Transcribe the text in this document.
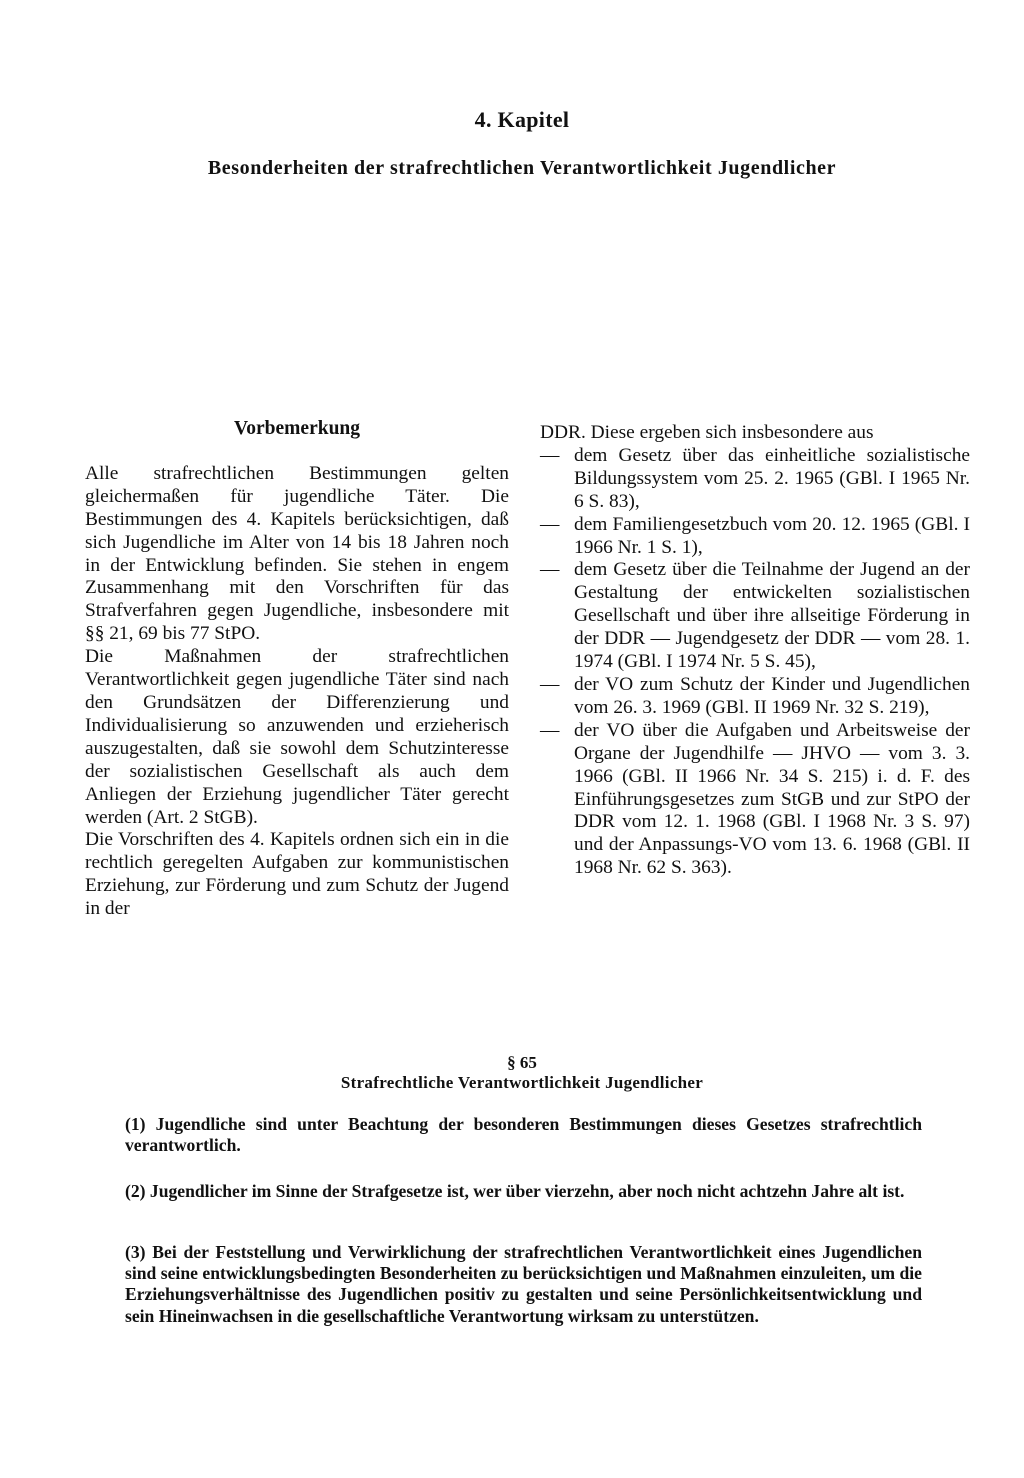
4. Kapitel
Besonderheiten der strafrechtlichen Verantwortlichkeit Jugendlicher
Vorbemerkung

Alle strafrechtlichen Bestimmungen gelten gleichermaßen für jugendliche Täter. Die Bestimmungen des 4. Kapitels berücksichtigen, daß sich Jugendliche im Alter von 14 bis 18 Jahren noch in der Entwicklung befinden. Sie stehen in engem Zusammenhang mit den Vorschriften für das Strafverfahren gegen Jugendliche, insbesondere mit §§ 21, 69 bis 77 StPO.

Die Maßnahmen der strafrechtlichen Verantwortlichkeit gegen jugendliche Täter sind nach den Grundsätzen der Differenzierung und Individualisierung so anzuwenden und erzieherisch auszugestalten, daß sie sowohl dem Schutzinteresse der sozialistischen Gesellschaft als auch dem Anliegen der Erziehung jugendlicher Täter gerecht werden (Art. 2 StGB).

Die Vorschriften des 4. Kapitels ordnen sich ein in die rechtlich geregelten Aufgaben zur kommunistischen Erziehung, zur Förderung und zum Schutz der Jugend in der

DDR. Diese ergeben sich insbesondere aus

— dem Gesetz über das einheitliche sozialistische Bildungssystem vom 25. 2. 1965 (GBl. I 1965 Nr. 6 S. 83),
— dem Familiengesetzbuch vom 20. 12. 1965 (GBl. I 1966 Nr. 1 S. 1),
— dem Gesetz über die Teilnahme der Jugend an der Gestaltung der entwickelten sozialistischen Gesellschaft und über ihre allseitige Förderung in der DDR — Jugendgesetz der DDR — vom 28. 1. 1974 (GBl. I 1974 Nr. 5 S. 45),
— der VO zum Schutz der Kinder und Jugendlichen vom 26. 3. 1969 (GBl. II 1969 Nr. 32 S. 219),
— der VO über die Aufgaben und Arbeitsweise der Organe der Jugendhilfe — JHVO — vom 3. 3. 1966 (GBl. II 1966 Nr. 34 S. 215) i. d. F. des Einführungsgesetzes zum StGB und zur StPO der DDR vom 12. 1. 1968 (GBl. I 1968 Nr. 3 S. 97) und der Anpassungs-VO vom 13. 6. 1968 (GBl. II 1968 Nr. 62 S. 363).
§ 65
Strafrechtliche Verantwortlichkeit Jugendlicher

(1) Jugendliche sind unter Beachtung der besonderen Bestimmungen dieses Gesetzes strafrechtlich verantwortlich.

(2) Jugendlicher im Sinne der Strafgesetze ist, wer über vierzehn, aber noch nicht achtzehn Jahre alt ist.

(3) Bei der Feststellung und Verwirklichung der strafrechtlichen Verantwortlichkeit eines Jugendlichen sind seine entwicklungsbedingten Besonderheiten zu berücksichtigen und Maßnahmen einzuleiten, um die Erziehungsverhältnisse des Jugendlichen positiv zu gestalten und seine Persönlichkeitsentwicklung und sein Hineinwachsen in die gesellschaftliche Verantwortung wirksam zu unterstützen.
